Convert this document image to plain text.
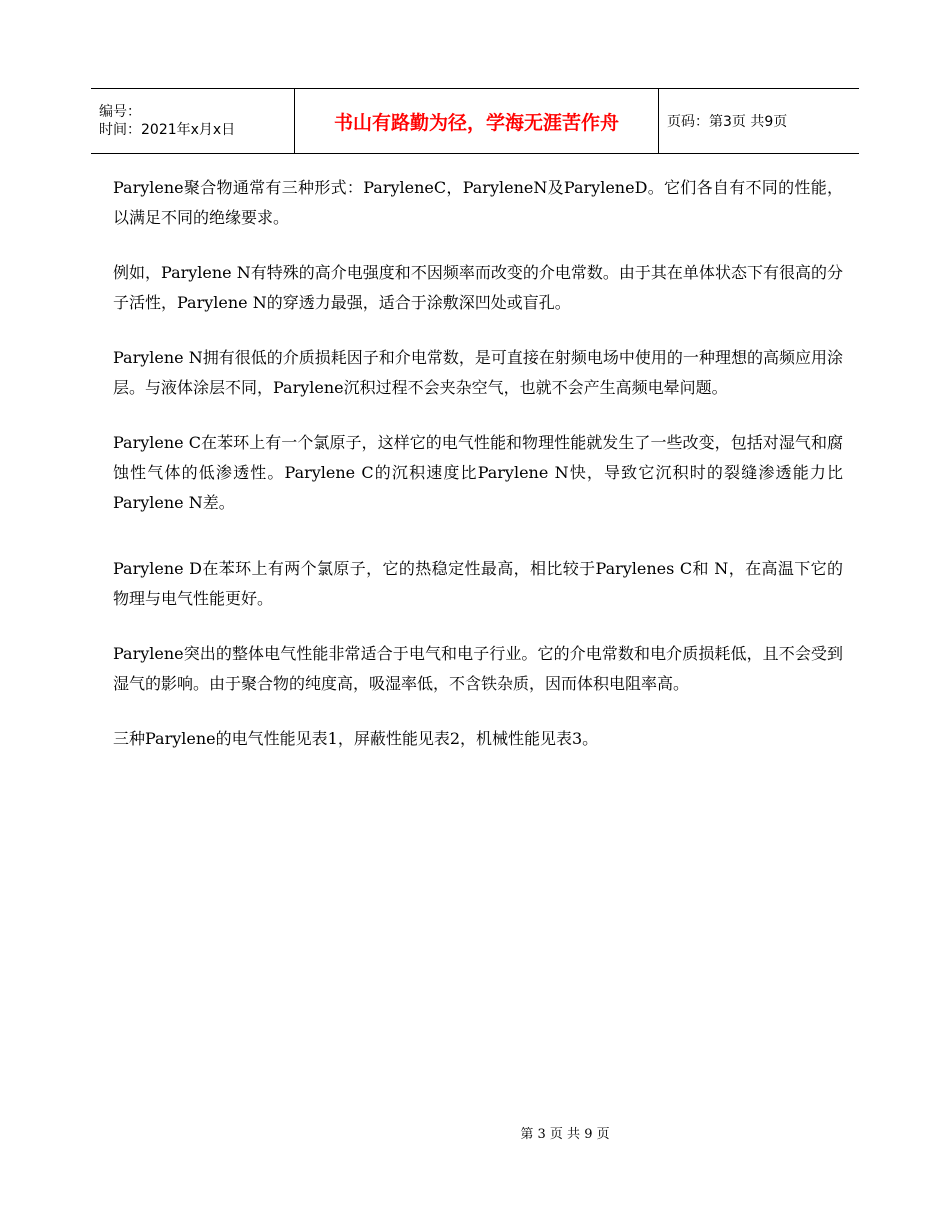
编号：
时间：2021年x月x日	书山有路勤为径，学海无涯苦作舟	页码：第3页 共9页

Parylene聚合物通常有三种形式：ParyleneC，ParyleneN及ParyleneD。它们各自有不同的性能，以满足不同的绝缘要求。

例如，Parylene N有特殊的高介电强度和不因频率而改变的介电常数。由于其在单体状态下有很高的分子活性，Parylene N的穿透力最强，适合于涂敷深凹处或盲孔。

Parylene N拥有很低的介质损耗因子和介电常数，是可直接在射频电场中使用的一种理想的高频应用涂层。与液体涂层不同，Parylene沉积过程不会夹杂空气，也就不会产生高频电晕问题。

Parylene C在苯环上有一个氯原子，这样它的电气性能和物理性能就发生了一些改变，包括对湿气和腐蚀性气体的低渗透性。Parylene C的沉积速度比Parylene N快，导致它沉积时的裂缝渗透能力比Parylene N差。

Parylene D在苯环上有两个氯原子，它的热稳定性最高，相比较于Parylenes C和 N，在高温下它的物理与电气性能更好。

Parylene突出的整体电气性能非常适合于电气和电子行业。它的介电常数和电介质损耗低，且不会受到湿气的影响。由于聚合物的纯度高，吸湿率低，不含铁杂质，因而体积电阻率高。

三种Parylene的电气性能见表1，屏蔽性能见表2，机械性能见表3。

第 3 页 共 9 页
